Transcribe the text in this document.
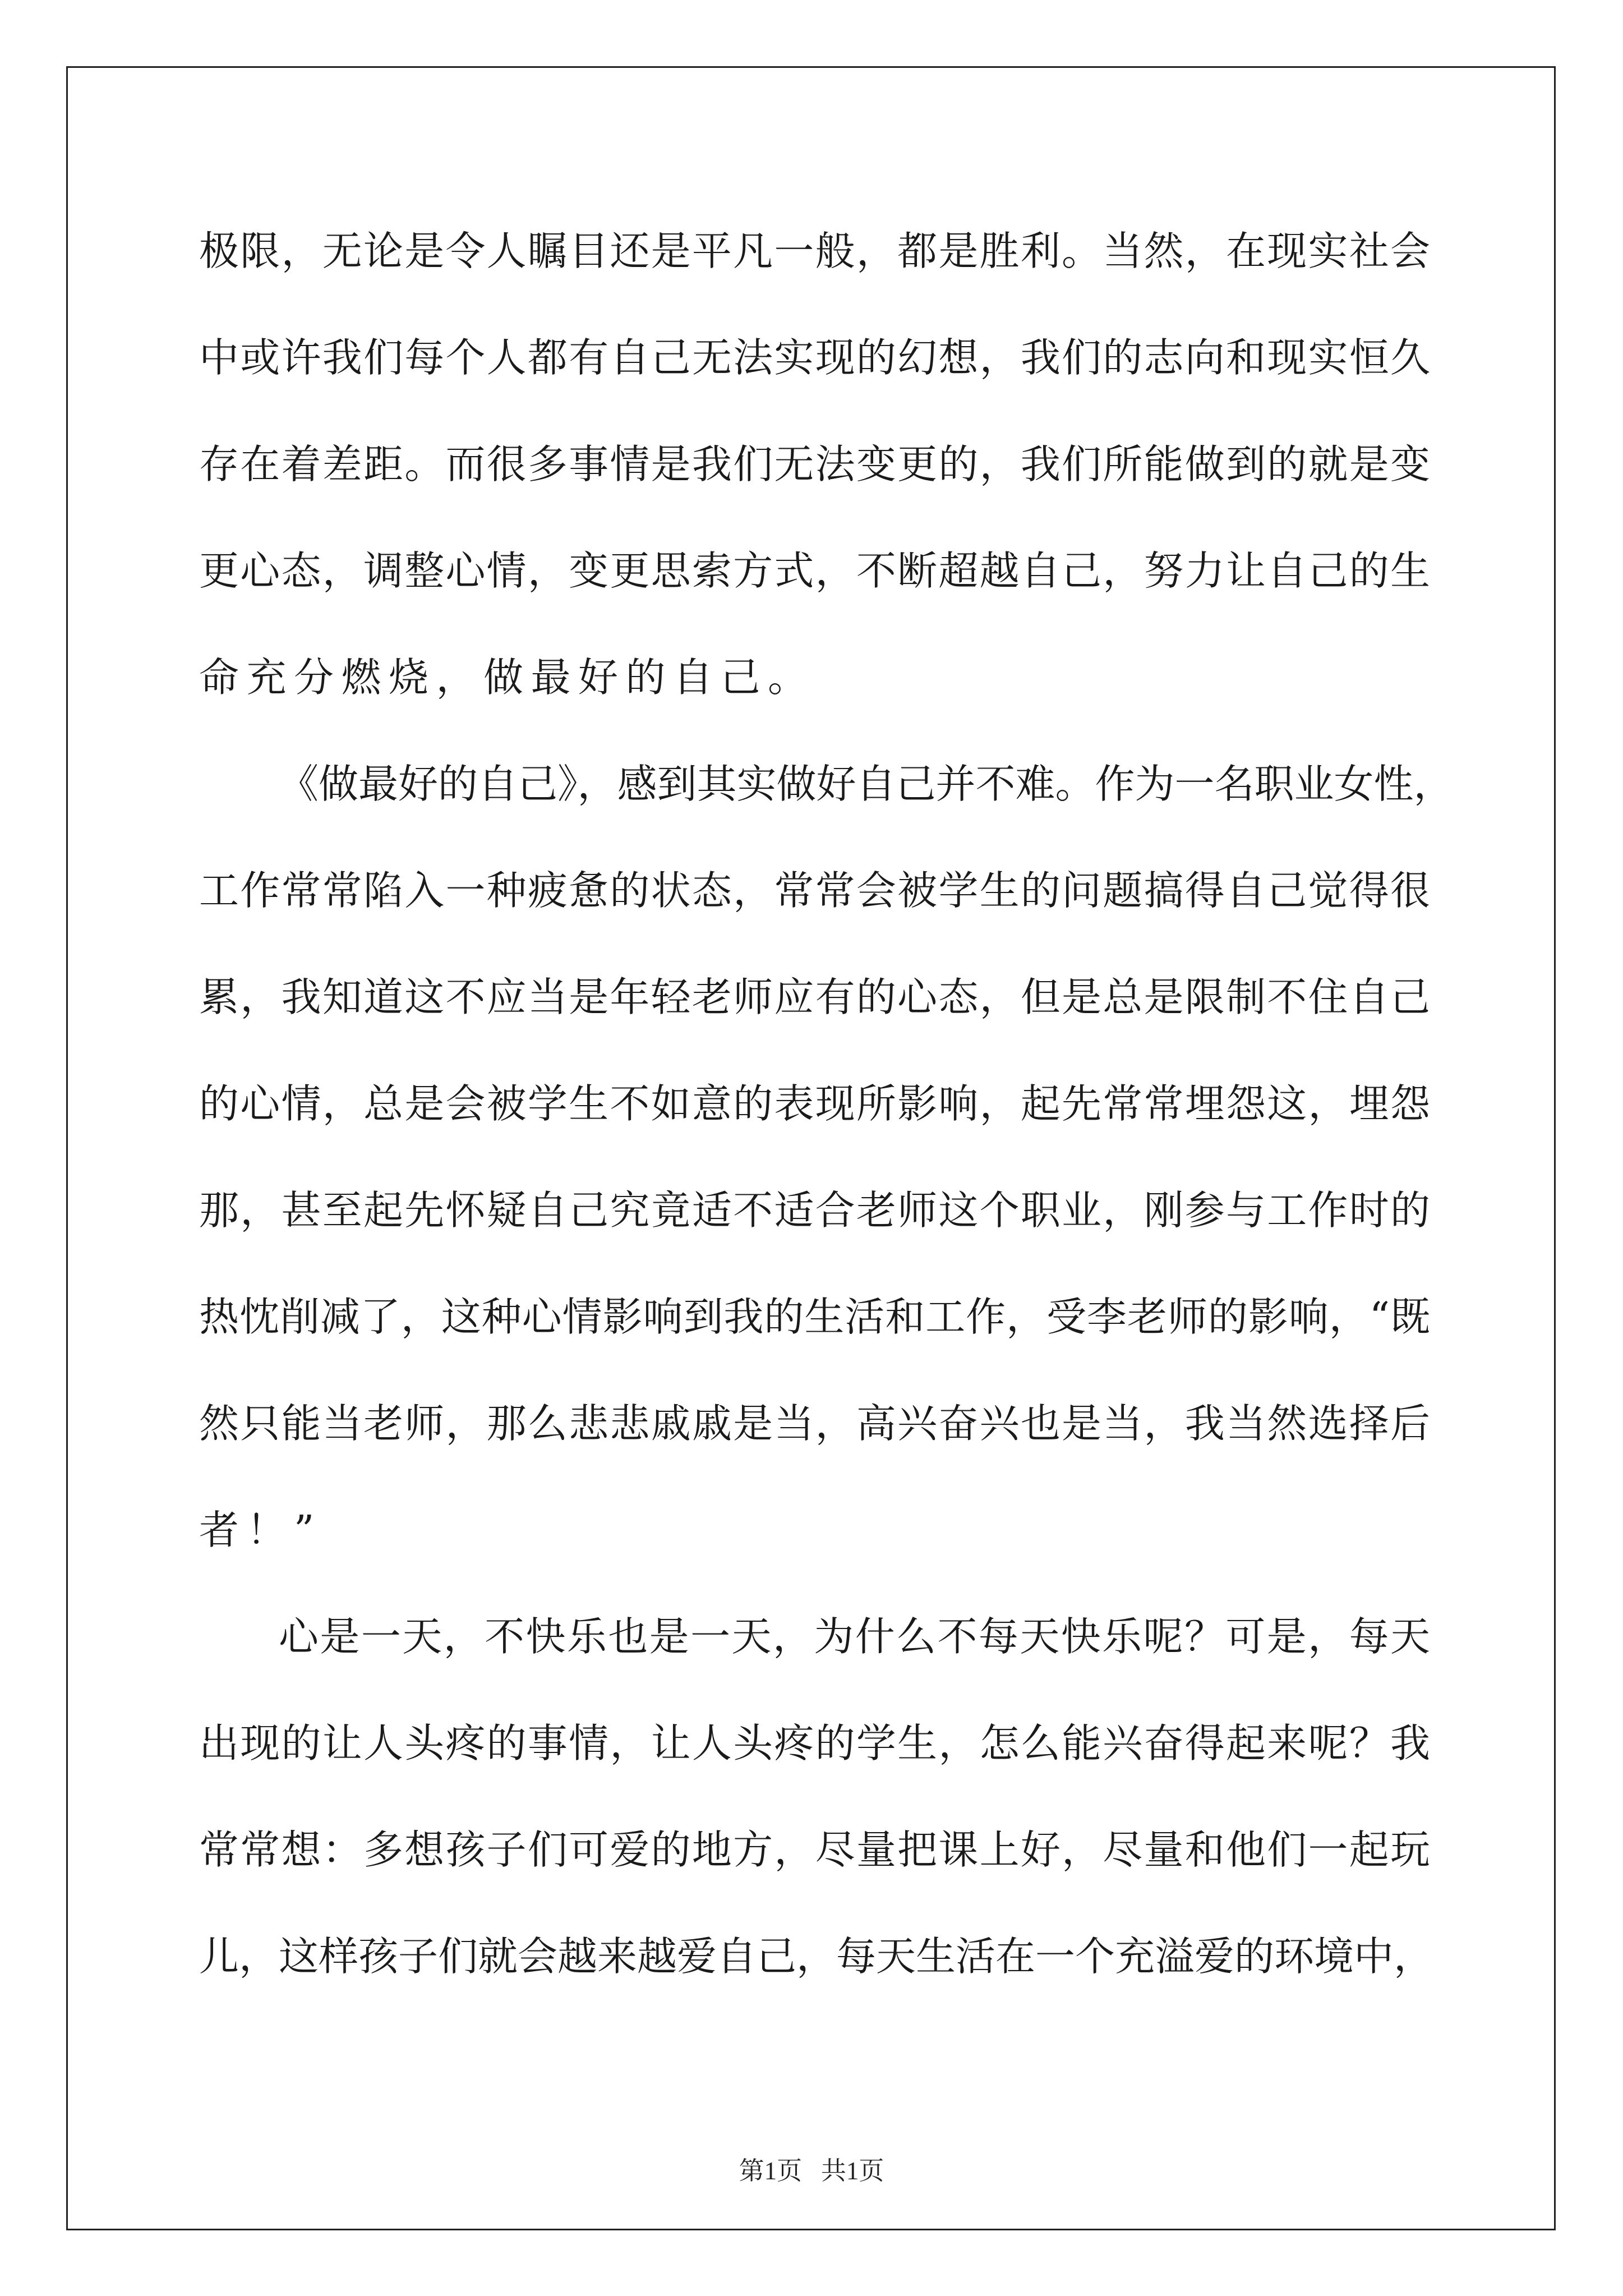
极限，无论是令人瞩目还是平凡一般，都是胜利。当然，在现实社会
中或许我们每个人都有自己无法实现的幻想，我们的志向和现实恒久
存在着差距。而很多事情是我们无法变更的，我们所能做到的就是变
更心态，调整心情，变更思索方式，不断超越自己，努力让自己的生
命充分燃烧，做最好的自己。
《做最好的自己》，感到其实做好自己并不难。作为一名职业女性，
工作常常陷入一种疲惫的状态，常常会被学生的问题搞得自己觉得很
累，我知道这不应当是年轻老师应有的心态，但是总是限制不住自己
的心情，总是会被学生不如意的表现所影响，起先常常埋怨这，埋怨
那，甚至起先怀疑自己究竟适不适合老师这个职业，刚参与工作时的
热忱削减了，这种心情影响到我的生活和工作，受李老师的影响，“既
然只能当老师，那么悲悲戚戚是当，高兴奋兴也是当，我当然选择后
者！”
心是一天，不快乐也是一天，为什么不每天快乐呢？可是，每天
出现的让人头疼的事情，让人头疼的学生，怎么能兴奋得起来呢？我
常常想：多想孩子们可爱的地方，尽量把课上好，尽量和他们一起玩
儿，这样孩子们就会越来越爱自己，每天生活在一个充溢爱的环境中，
第1页 共1页
